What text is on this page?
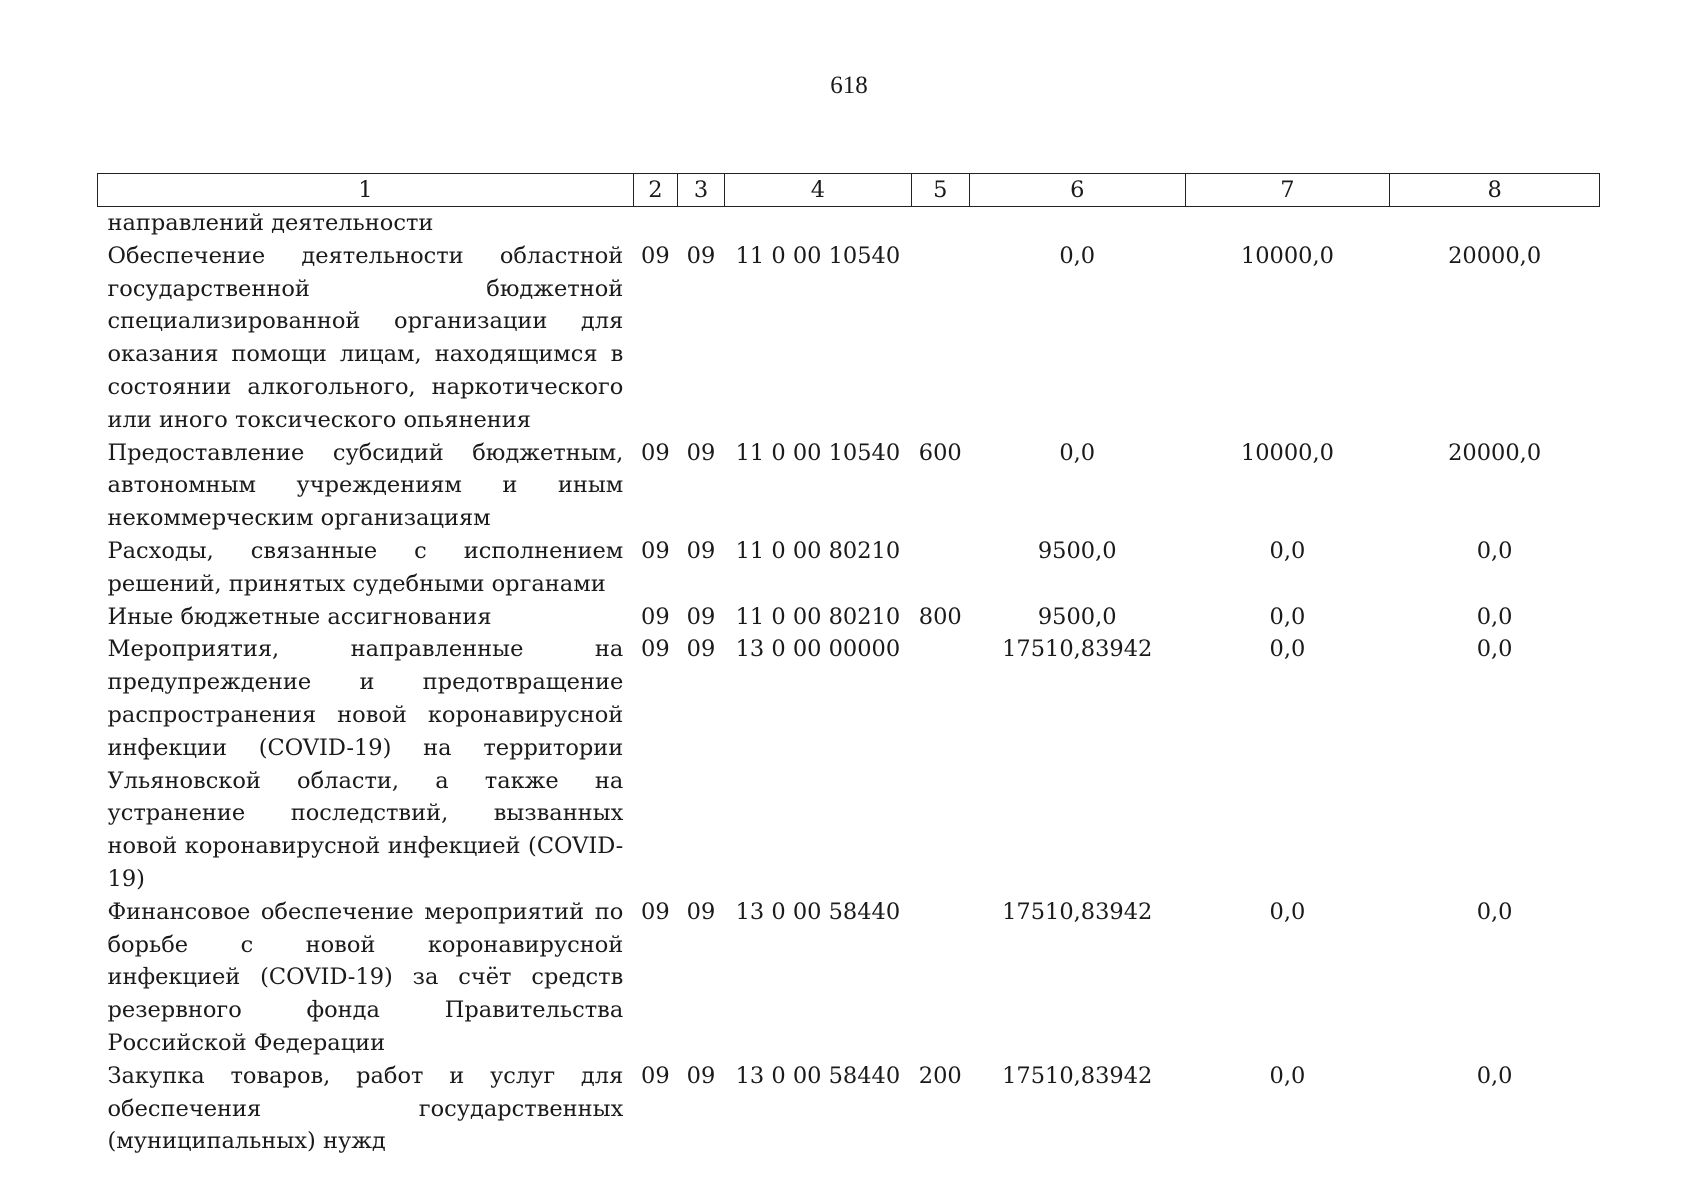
618
1	2	3	4	5	6	7	8
направлений деятельности							
Обеспечение деятельности областной государственной бюджетной специализированной организации для оказания помощи лицам, находящимся в состоянии алкогольного, наркотического или иного токсического опьянения	09	09	11 0 00 10540		0,0	10000,0	20000,0
Предоставление субсидий бюджетным, автономным учреждениям и иным некоммерческим организациям	09	09	11 0 00 10540	600	0,0	10000,0	20000,0
Расходы, связанные с исполнением решений, принятых судебными органами	09	09	11 0 00 80210		9500,0	0,0	0,0
Иные бюджетные ассигнования	09	09	11 0 00 80210	800	9500,0	0,0	0,0
Мероприятия, направленные на предупреждение и предотвращение распространения новой коронавирусной инфекции (COVID-19) на территории Ульяновской области, а также на устранение последствий, вызванных новой коронавирусной инфекцией (COVID-19)	09	09	13 0 00 00000		17510,83942	0,0	0,0
Финансовое обеспечение мероприятий по борьбе с новой коронавирусной инфекцией (COVID-19) за счёт средств резервного фонда Правительства Российской Федерации	09	09	13 0 00 58440		17510,83942	0,0	0,0
Закупка товаров, работ и услуг для обеспечения государственных (муниципальных) нужд	09	09	13 0 00 58440	200	17510,83942	0,0	0,0
